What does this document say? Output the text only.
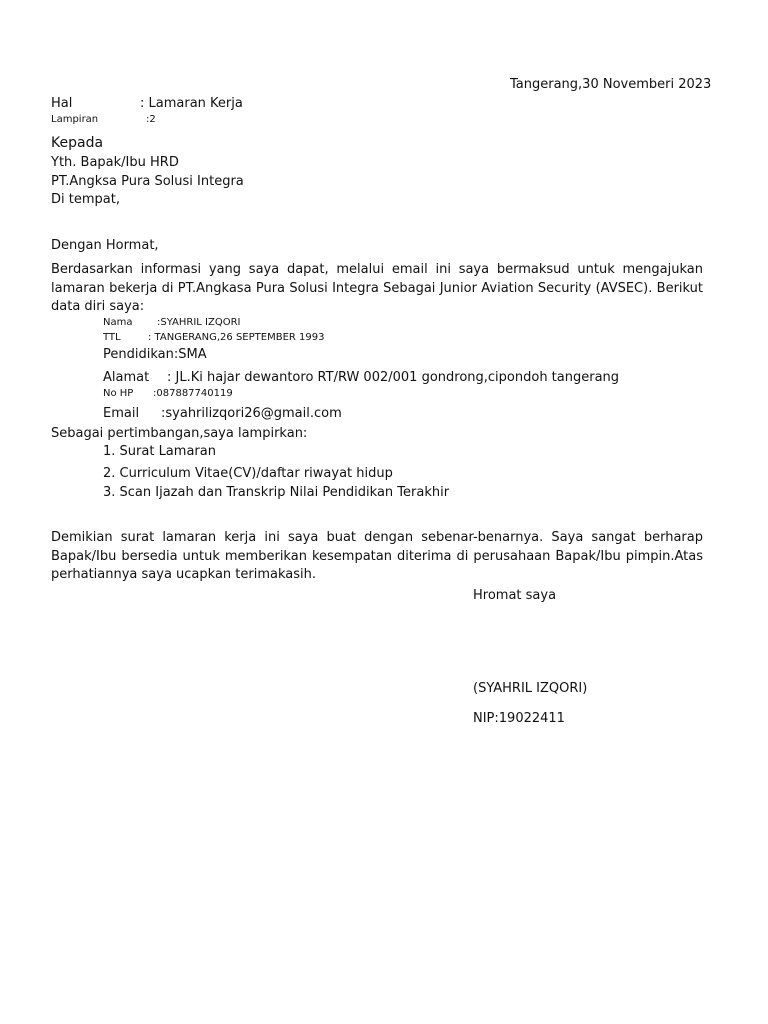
Tangerang,30 Novemberi 2023
Hal	: Lamaran Kerja
Lampiran	:2
Kepada
Yth. Bapak/Ibu HRD
PT.Angksa Pura Solusi Integra
Di tempat,
Dengan Hormat,
Berdasarkan informasi yang saya dapat, melalui email ini saya bermaksud untuk mengajukan lamaran bekerja di PT.Angkasa Pura Solusi Integra Sebagai Junior Aviation Security (AVSEC). Berikut data diri saya:
Nama :SYAHRIL IZQORI
TTL	: TANGERANG,26 SEPTEMBER 1993
Pendidikan:SMA
Alamat : JL.Ki hajar dewantoro RT/RW 002/001 gondrong,cipondoh tangerang
No HP :087887740119
Email :syahrilizqori26@gmail.com
Sebagai pertimbangan,saya lampirkan:
1. Surat Lamaran
2. Curriculum Vitae(CV)/daftar riwayat hidup
3. Scan Ijazah dan Transkrip Nilai Pendidikan Terakhir
Demikian surat lamaran kerja ini saya buat dengan sebenar-benarnya. Saya sangat berharap Bapak/Ibu bersedia untuk memberikan kesempatan diterima di perusahaan Bapak/Ibu pimpin.Atas perhatiannya saya ucapkan terimakasih.
Hromat saya
(SYAHRIL IZQORI)
NIP:19022411
